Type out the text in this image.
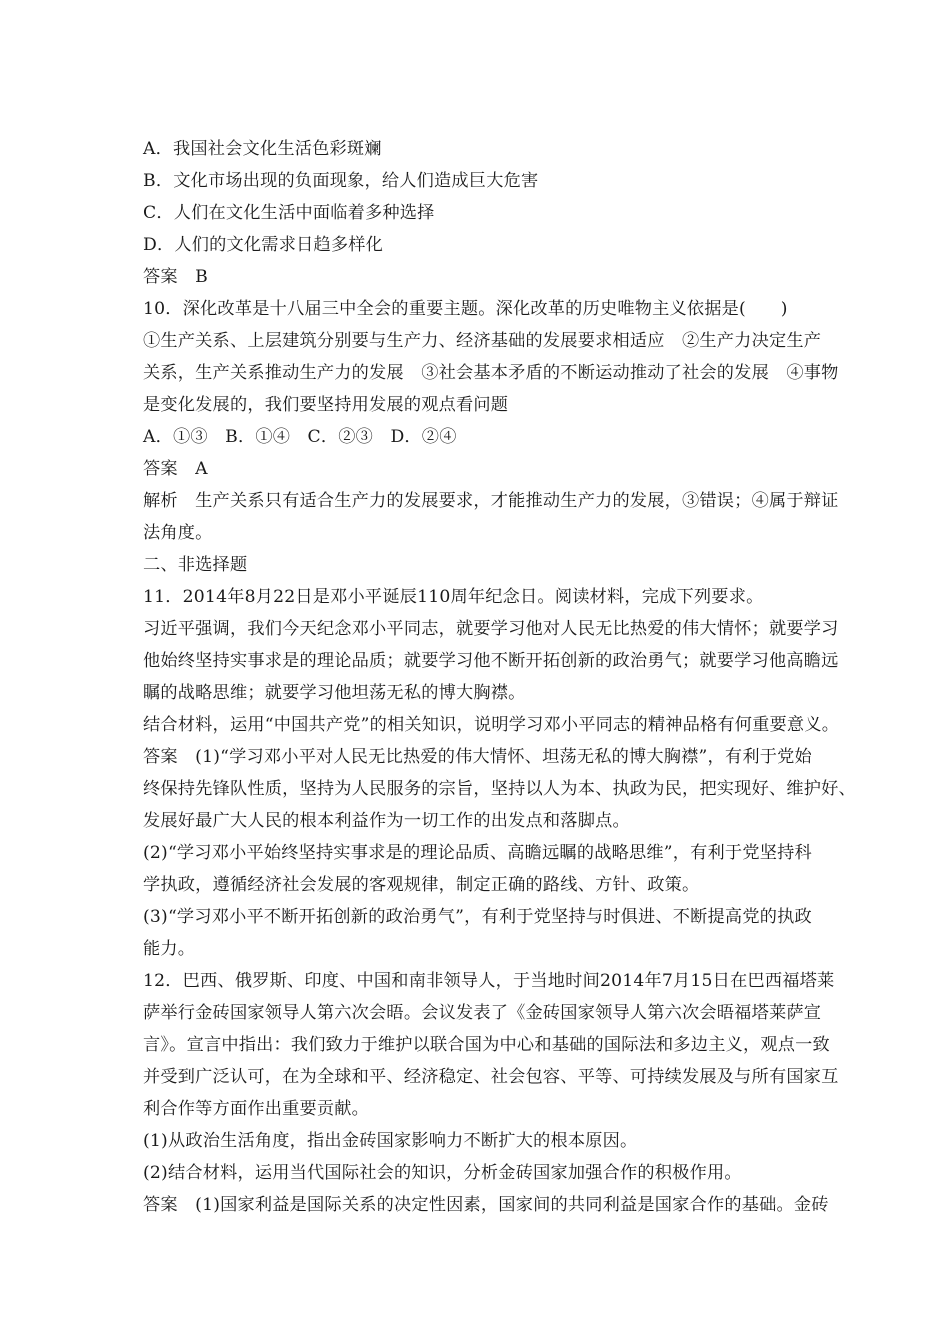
A．我国社会文化生活色彩斑斓
B．文化市场出现的负面现象，给人们造成巨大危害
C．人们在文化生活中面临着多种选择
D．人们的文化需求日趋多样化
答案　B
10．深化改革是十八届三中全会的重要主题。深化改革的历史唯物主义依据是(　　)
①生产关系、上层建筑分别要与生产力、经济基础的发展要求相适应　②生产力决定生产
关系，生产关系推动生产力的发展　③社会基本矛盾的不断运动推动了社会的发展　④事物
是变化发展的，我们要坚持用发展的观点看问题
A．①③　B．①④　C．②③　D．②④
答案　A
解析　生产关系只有适合生产力的发展要求，才能推动生产力的发展，③错误；④属于辩证
法角度。
二、非选择题
11．2014年8月22日是邓小平诞辰110周年纪念日。阅读材料，完成下列要求。
习近平强调，我们今天纪念邓小平同志，就要学习他对人民无比热爱的伟大情怀；就要学习
他始终坚持实事求是的理论品质；就要学习他不断开拓创新的政治勇气；就要学习他高瞻远
瞩的战略思维；就要学习他坦荡无私的博大胸襟。
结合材料，运用“中国共产党”的相关知识，说明学习邓小平同志的精神品格有何重要意义。
答案　(1)“学习邓小平对人民无比热爱的伟大情怀、坦荡无私的博大胸襟”，有利于党始
终保持先锋队性质，坚持为人民服务的宗旨，坚持以人为本、执政为民，把实现好、维护好、
发展好最广大人民的根本利益作为一切工作的出发点和落脚点。
(2)“学习邓小平始终坚持实事求是的理论品质、高瞻远瞩的战略思维”，有利于党坚持科
学执政，遵循经济社会发展的客观规律，制定正确的路线、方针、政策。
(3)“学习邓小平不断开拓创新的政治勇气”，有利于党坚持与时俱进、不断提高党的执政
能力。
12．巴西、俄罗斯、印度、中国和南非领导人，于当地时间2014年7月15日在巴西福塔莱
萨举行金砖国家领导人第六次会晤。会议发表了《金砖国家领导人第六次会晤福塔莱萨宣
言》。宣言中指出：我们致力于维护以联合国为中心和基础的国际法和多边主义，观点一致
并受到广泛认可，在为全球和平、经济稳定、社会包容、平等、可持续发展及与所有国家互
利合作等方面作出重要贡献。
(1)从政治生活角度，指出金砖国家影响力不断扩大的根本原因。
(2)结合材料，运用当代国际社会的知识，分析金砖国家加强合作的积极作用。
答案　(1)国家利益是国际关系的决定性因素，国家间的共同利益是国家合作的基础。金砖
